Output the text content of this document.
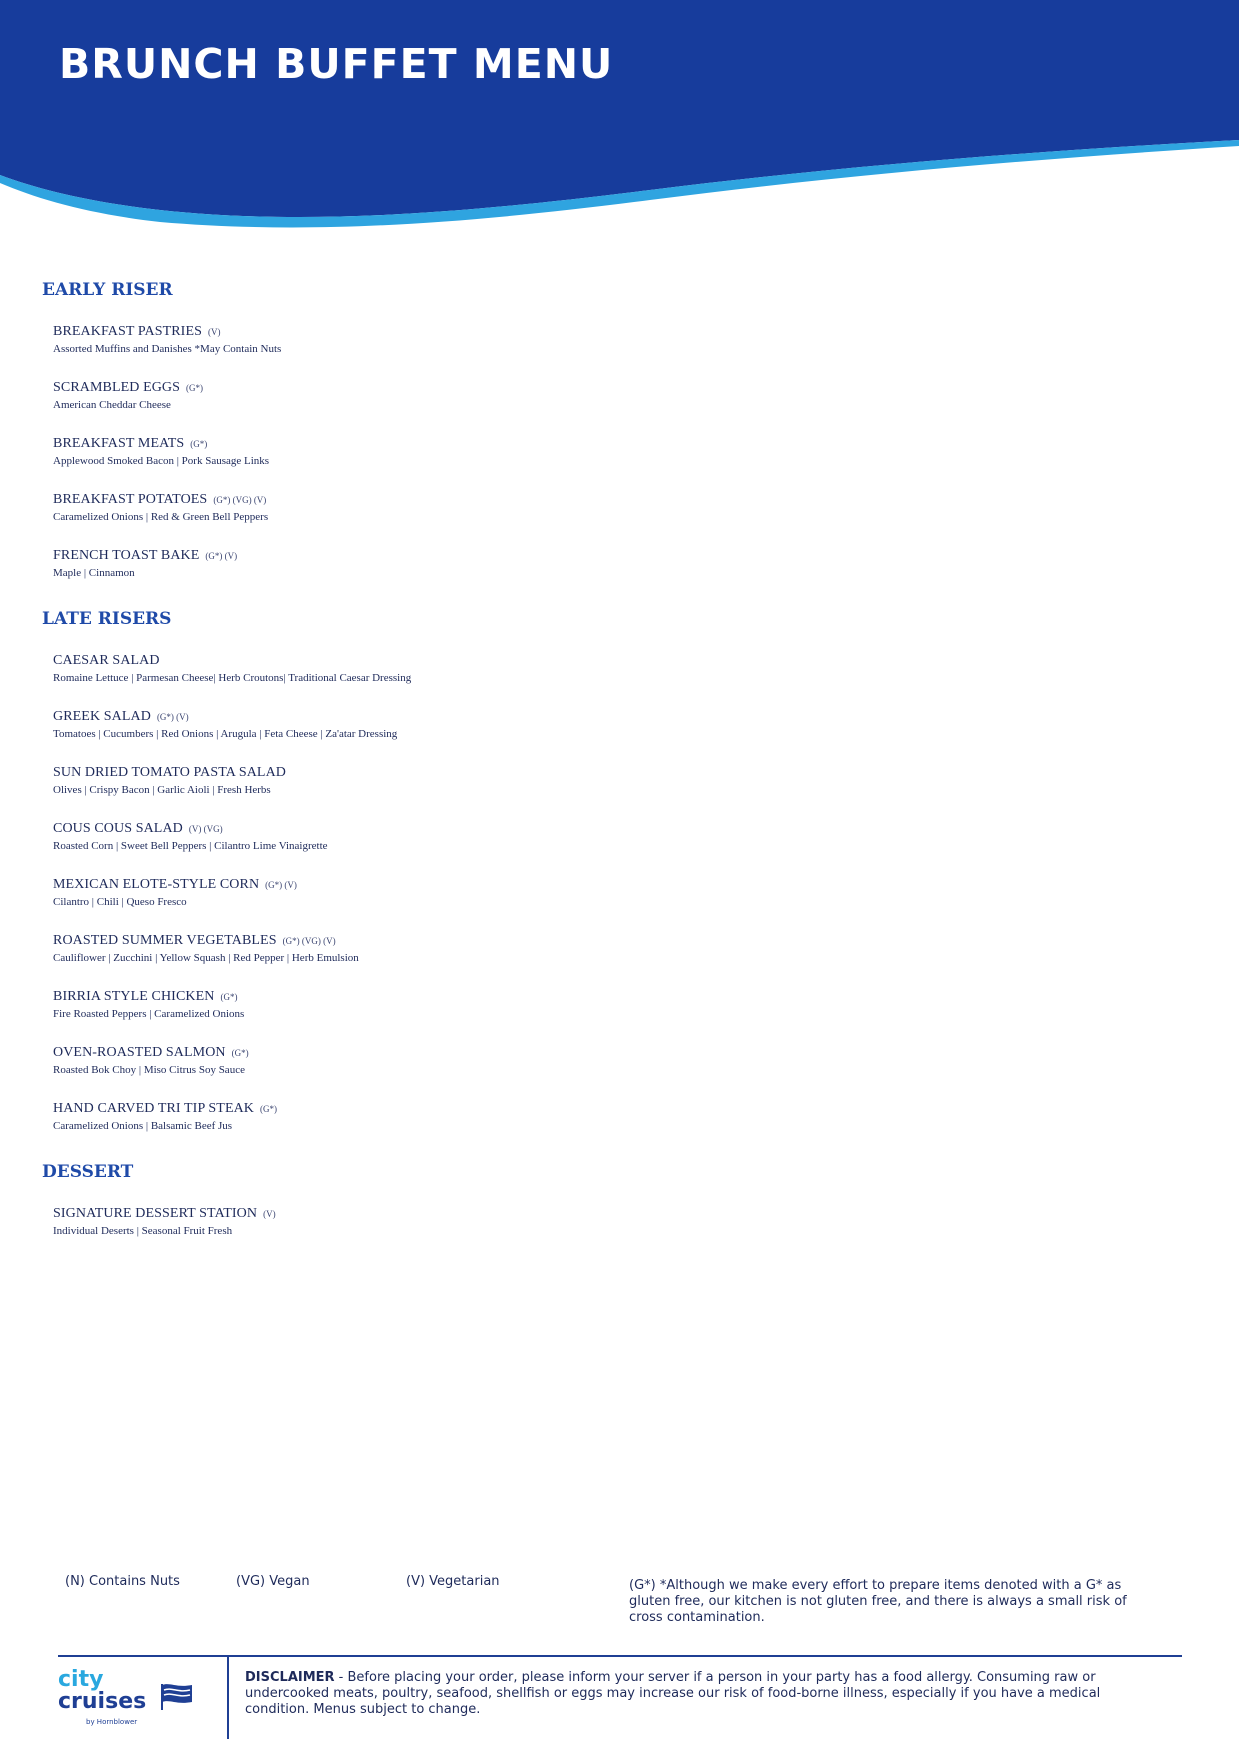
BRUNCH BUFFET MENU
EARLY RISER
BREAKFAST PASTRIES (V)
Assorted Muffins and Danishes *May Contain Nuts
SCRAMBLED EGGS (G*)
American Cheddar Cheese
BREAKFAST MEATS (G*)
Applewood Smoked Bacon | Pork Sausage Links
BREAKFAST POTATOES (G*) (VG) (V)
Caramelized Onions | Red & Green Bell Peppers
FRENCH TOAST BAKE (G*) (V)
Maple | Cinnamon
LATE RISERS
CAESAR SALAD
Romaine Lettuce | Parmesan Cheese| Herb Croutons| Traditional Caesar Dressing
GREEK SALAD (G*) (V)
Tomatoes | Cucumbers | Red Onions | Arugula | Feta Cheese | Za'atar Dressing
SUN DRIED TOMATO PASTA SALAD
Olives | Crispy Bacon | Garlic Aioli | Fresh Herbs
COUS COUS SALAD (V) (VG)
Roasted Corn | Sweet Bell Peppers | Cilantro Lime Vinaigrette
MEXICAN ELOTE-STYLE CORN (G*) (V)
Cilantro | Chili | Queso Fresco
ROASTED SUMMER VEGETABLES (G*) (VG) (V)
Cauliflower | Zucchini | Yellow Squash | Red Pepper | Herb Emulsion
BIRRIA STYLE CHICKEN (G*)
Fire Roasted Peppers | Caramelized Onions
OVEN-ROASTED SALMON (G*)
Roasted Bok Choy | Miso Citrus Soy Sauce
HAND CARVED TRI TIP STEAK (G*)
Caramelized Onions | Balsamic Beef Jus
DESSERT
SIGNATURE DESSERT STATION (V)
Individual Deserts | Seasonal Fruit Fresh
(N) Contains Nuts	(VG) Vegan	(V) Vegetarian	(G*) *Although we make every effort to prepare items denoted with a G* as gluten free, our kitchen is not gluten free, and there is always a small risk of cross contamination.
city
cruises
by Hornblower
DISCLAIMER - Before placing your order, please inform your server if a person in your party has a food allergy. Consuming raw or undercooked meats, poultry, seafood, shellfish or eggs may increase our risk of food-borne illness, especially if you have a medical condition. Menus subject to change.
